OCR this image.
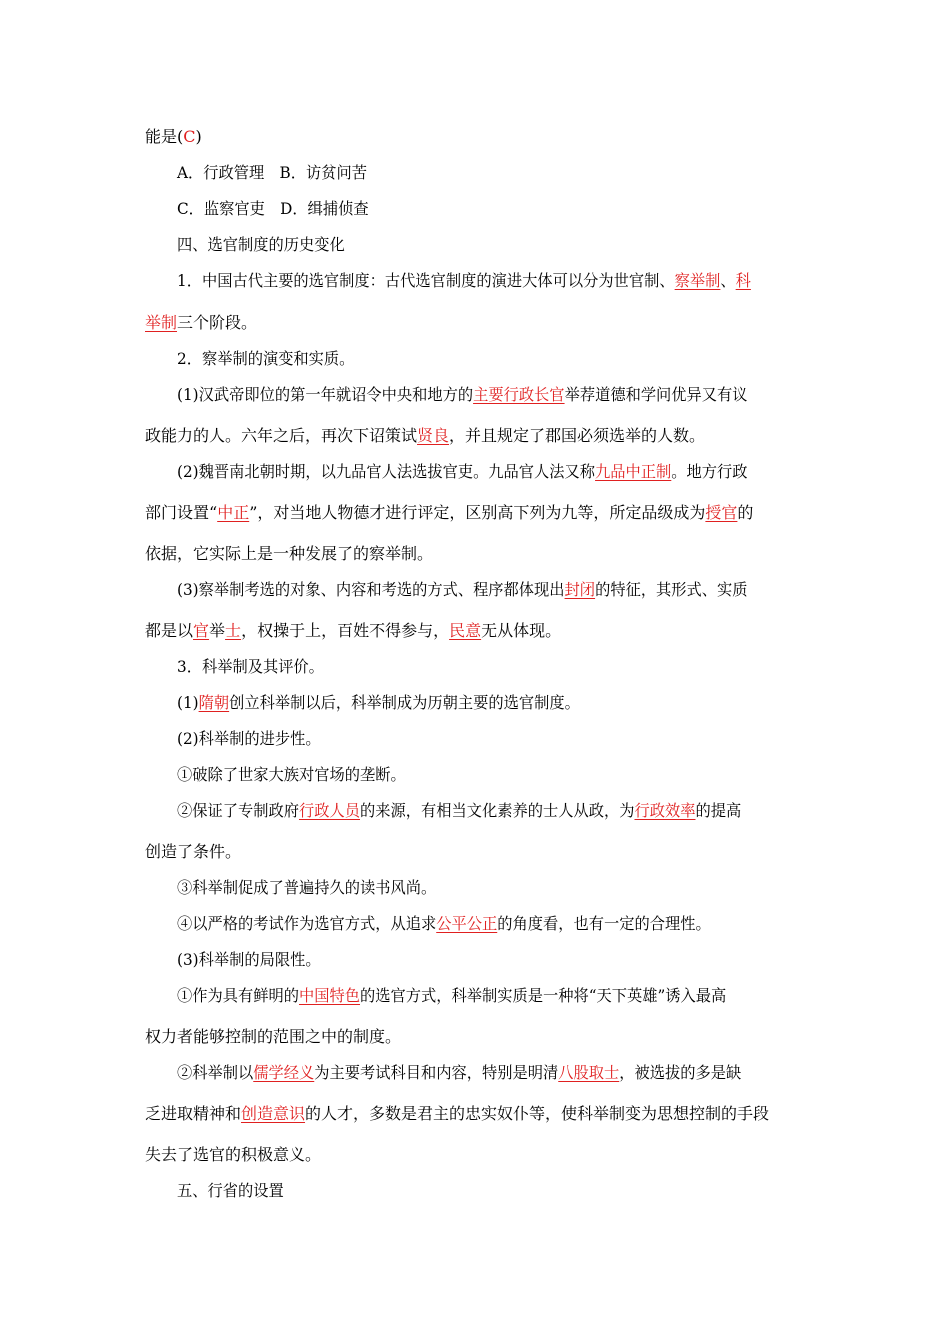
能是(C)
A．行政管理　B．访贫问苦
C．监察官吏　D．缉捕侦查
四、选官制度的历史变化
1．中国古代主要的选官制度：古代选官制度的演进大体可以分为世官制、察举制、科
举制三个阶段。
2．察举制的演变和实质。
(1)汉武帝即位的第一年就诏令中央和地方的主要行政长官举荐道德和学问优异又有议
政能力的人。六年之后，再次下诏策试贤良，并且规定了郡国必须选举的人数。
(2)魏晋南北朝时期，以九品官人法选拔官吏。九品官人法又称九品中正制。地方行政
部门设置“中正”，对当地人物德才进行评定，区别高下列为九等，所定品级成为授官的
依据，它实际上是一种发展了的察举制。
(3)察举制考选的对象、内容和考选的方式、程序都体现出封闭的特征，其形式、实质
都是以官举士，权操于上，百姓不得参与，民意无从体现。
3．科举制及其评价。
(1)隋朝创立科举制以后，科举制成为历朝主要的选官制度。
(2)科举制的进步性。
①破除了世家大族对官场的垄断。
②保证了专制政府行政人员的来源，有相当文化素养的士人从政，为行政效率的提高
创造了条件。
③科举制促成了普遍持久的读书风尚。
④以严格的考试作为选官方式，从追求公平公正的角度看，也有一定的合理性。
(3)科举制的局限性。
①作为具有鲜明的中国特色的选官方式，科举制实质是一种将“天下英雄”诱入最高
权力者能够控制的范围之中的制度。
②科举制以儒学经义为主要考试科目和内容，特别是明清八股取士，被选拔的多是缺
乏进取精神和创造意识的人才，多数是君主的忠实奴仆等，使科举制变为思想控制的手段
失去了选官的积极意义。
五、行省的设置
